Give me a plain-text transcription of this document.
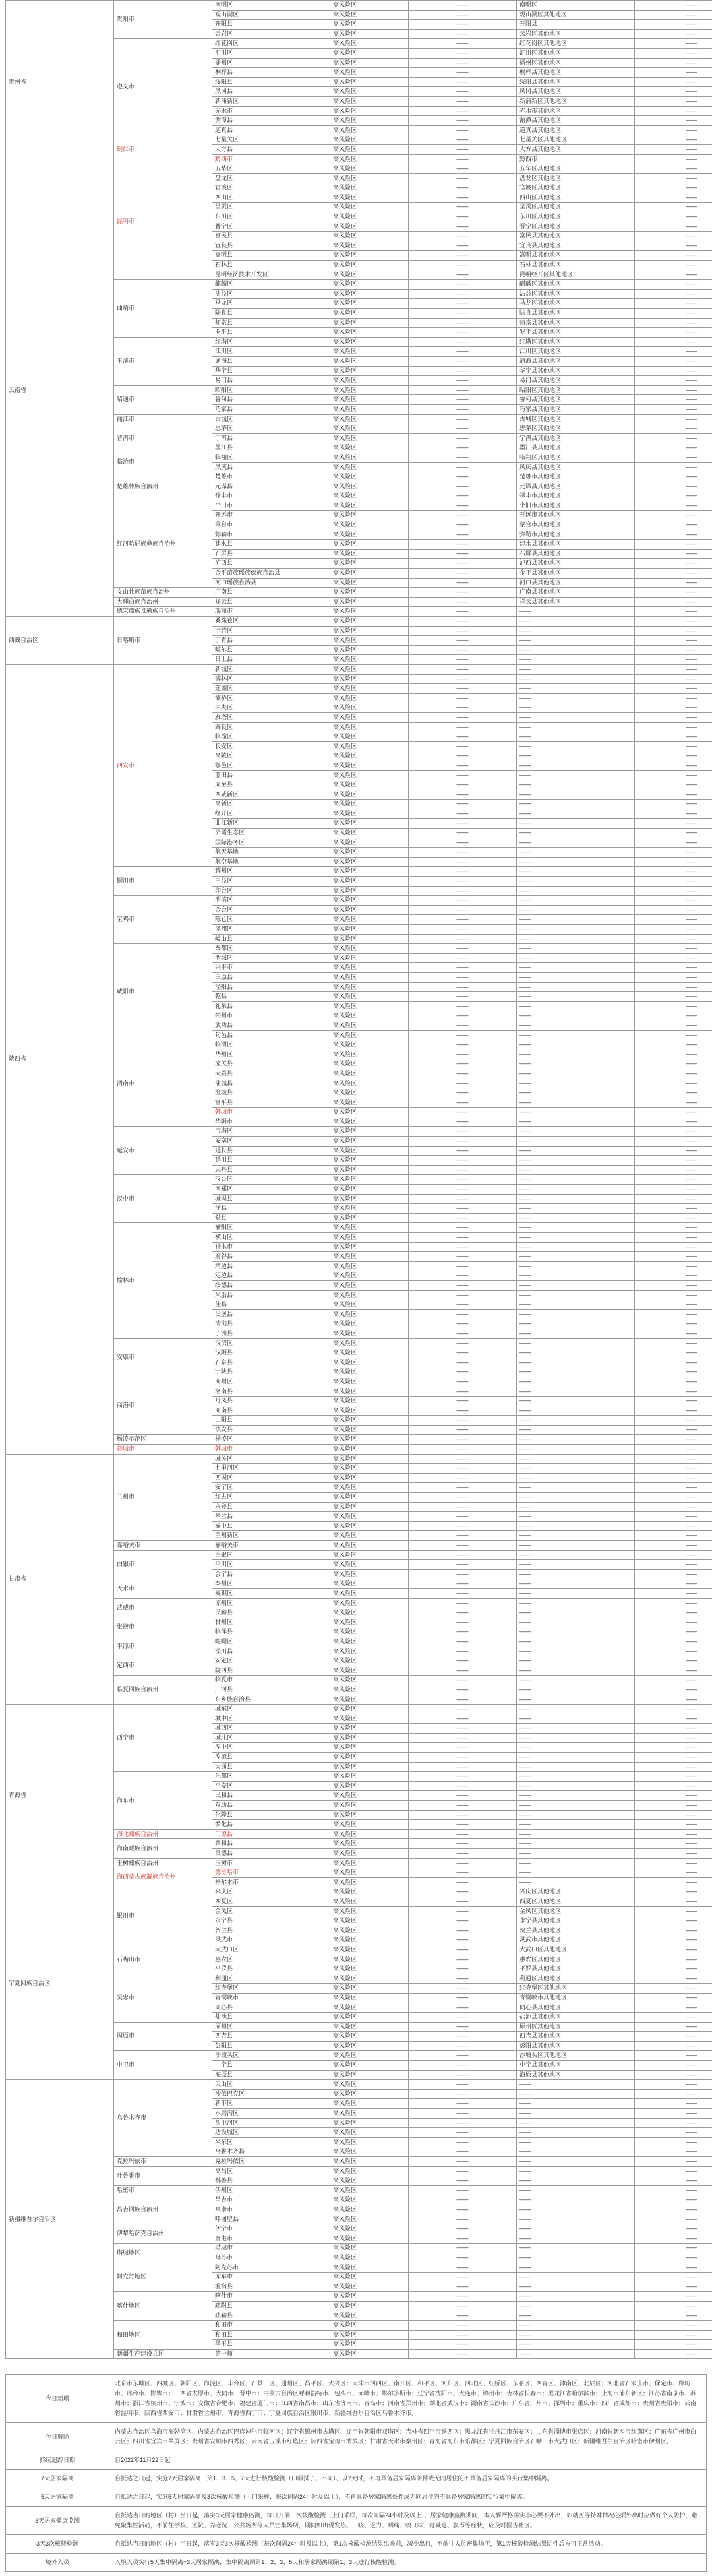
贵州省	贵阳市	南明区	高风险区	——	南明区	——
		观山湖区	高风险区	——	观山湖区其他地区	——
		开阳县	高风险区	——	开阳县	——
		云岩区	高风险区	——	云岩区其他地区	——
	遵义市	红花岗区	高风险区	——	红花岗区其他地区	——
		汇川区	高风险区	——	汇川区其他地区	——
		播州区	高风险区	——	播州区其他地区	——
		桐梓县	高风险区	——	桐梓县其他地区	——
		绥阳县	高风险区	——	绥阳县其他地区	——
		凤冈县	高风险区	——	凤冈县其他地区	——
		新蒲新区	高风险区	——	新蒲新区其他地区	——
		赤水市	高风险区	——	赤水市其他地区	——
		湄潭县	高风险区	——	湄潭县其他地区	——
		道真县	高风险区	——	道真县其他地区	——
	铜仁市	七星关区	高风险区	——	七星关区其他地区	——
		大方县	高风险区	——	大方县其他地区	——
		黔西市	高风险区	——	黔西市	——
云南省	昆明市	五华区	高风险区	——	五华区其他地区	——
		盘龙区	高风险区	——	盘龙区其他地区	——
		官渡区	高风险区	——	官渡区其他地区	——
		西山区	高风险区	——	西山区其他地区	——
		呈贡区	高风险区	——	呈贡区其他地区	——
		东川区	高风险区	——	东川区其他地区	——
		晋宁区	高风险区	——	晋宁区其他地区	——
		富民县	高风险区	——	富民县其他地区	——
		宜良县	高风险区	——	宜良县其他地区	——
		嵩明县	高风险区	——	嵩明县其他地区	——
		石林县	高风险区	——	石林县其他地区	——
		昆明经济技术开发区	高风险区	——	昆明经开区其他地区	——
	曲靖市	麒麟区	高风险区	——	麒麟区其他地区	——
		沾益区	高风险区	——	沾益区其他地区	——
		马龙区	高风险区	——	马龙区其他地区	——
		陆良县	高风险区	——	陆良县其他地区	——
		师宗县	高风险区	——	师宗县其他地区	——
		罗平县	高风险区	——	罗平县其他地区	——
	玉溪市	红塔区	高风险区	——	红塔区其他地区	——
		江川区	高风险区	——	江川区其他地区	——
		通海县	高风险区	——	通海县其他地区	——
		华宁县	高风险区	——	华宁县其他地区	——
		易门县	高风险区	——	易门县其他地区	——
	昭通市	昭阳区	高风险区	——	昭阳区其他地区	——
		鲁甸县	高风险区	——	鲁甸县其他地区	——
		巧家县	高风险区	——	巧家县其他地区	——
	丽江市	古城区	高风险区	——	古城区其他地区	——
	普洱市	思茅区	高风险区	——	思茅区其他地区	——
		宁洱县	高风险区	——	宁洱县其他地区	——
		墨江县	高风险区	——	墨江县其他地区	——
	临沧市	临翔区	高风险区	——	临翔区其他地区	——
		凤庆县	高风险区	——	凤庆县其他地区	——
	楚雄彝族自治州	楚雄市	高风险区	——	楚雄市其他地区	——
		元谋县	高风险区	——	元谋县其他地区	——
		禄丰市	高风险区	——	禄丰市其他地区	——
	红河哈尼族彝族自治州	个旧市	高风险区	——	个旧市其他地区	——
		开远市	高风险区	——	开远市其他地区	——
		蒙自市	高风险区	——	蒙自市其他地区	——
		弥勒市	高风险区	——	弥勒市其他地区	——
		建水县	高风险区	——	建水县其他地区	——
		石屏县	高风险区	——	石屏县其他地区	——
		泸西县	高风险区	——	泸西县其他地区	——
		金平苗族瑶族傣族自治县	高风险区	——	金平县其他地区	——
		河口瑶族自治县	高风险区	——	河口县其他地区	——
	文山壮族苗族自治州	广南县	高风险区	——	广南县其他地区	——
	大理白族自治州	祥云县	高风险区	——	祥云县其他地区	——
	德宏傣族景颇族自治州	瑞丽市	高风险区	——	——	——
西藏自治区	日喀则市	桑珠孜区	高风险区	——	——	——
		卡若区	高风险区	——	——	——
		丁青县	高风险区	——	——	——
		噶尔县	高风险区	——	——	——
		日土县	高风险区	——	——	——
陕西省	西安市	新城区	高风险区	——	——	——
		碑林区	高风险区	——	——	——
		莲湖区	高风险区	——	——	——
		灞桥区	高风险区	——	——	——
		未央区	高风险区	——	——	——
		雁塔区	高风险区	——	——	——
		阎良区	高风险区	——	——	——
		临潼区	高风险区	——	——	——
		长安区	高风险区	——	——	——
		高陵区	高风险区	——	——	——
		鄠邑区	高风险区	——	——	——
		蓝田县	高风险区	——	——	——
		周至县	高风险区	——	——	——
		西咸新区	高风险区	——	——	——
		高新区	高风险区	——	——	——
		经开区	高风险区	——	——	——
		曲江新区	高风险区	——	——	——
		浐灞生态区	高风险区	——	——	——
		国际港务区	高风险区	——	——	——
		航天基地	高风险区	——	——	——
		航空基地	高风险区	——	——	——
	铜川市	耀州区	高风险区	——	——	——
		王益区	高风险区	——	——	——
		印台区	高风险区	——	——	——
	宝鸡市	渭滨区	高风险区	——	——	——
		金台区	高风险区	——	——	——
		陈仓区	高风险区	——	——	——
		凤翔区	高风险区	——	——	——
		岐山县	高风险区	——	——	——
	咸阳市	秦都区	高风险区	——	——	——
		渭城区	高风险区	——	——	——
		兴平市	高风险区	——	——	——
		三原县	高风险区	——	——	——
		泾阳县	高风险区	——	——	——
		乾县	高风险区	——	——	——
		礼泉县	高风险区	——	——	——
		彬州市	高风险区	——	——	——
		武功县	高风险区	——	——	——
		旬邑县	高风险区	——	——	——
	渭南市	临渭区	高风险区	——	——	——
		华州区	高风险区	——	——	——
		潼关县	高风险区	——	——	——
		大荔县	高风险区	——	——	——
		蒲城县	高风险区	——	——	——
		澄城县	高风险区	——	——	——
		富平县	高风险区	——	——	——
		韩城市	高风险区	——	——	——
		华阴市	高风险区	——	——	——
	延安市	宝塔区	高风险区	——	——	——
		安塞区	高风险区	——	——	——
		延长县	高风险区	——	——	——
		延川县	高风险区	——	——	——
		志丹县	高风险区	——	——	——
	汉中市	汉台区	高风险区	——	——	——
		南郑区	高风险区	——	——	——
		城固县	高风险区	——	——	——
		洋县	高风险区	——	——	——
		勉县	高风险区	——	——	——
	榆林市	榆阳区	高风险区	——	——	——
		横山区	高风险区	——	——	——
		神木市	高风险区	——	——	——
		府谷县	高风险区	——	——	——
		靖边县	高风险区	——	——	——
		定边县	高风险区	——	——	——
		绥德县	高风险区	——	——	——
		米脂县	高风险区	——	——	——
		佳县	高风险区	——	——	——
		吴堡县	高风险区	——	——	——
		清涧县	高风险区	——	——	——
		子洲县	高风险区	——	——	——
	安康市	汉滨区	高风险区	——	——	——
		汉阴县	高风险区	——	——	——
		石泉县	高风险区	——	——	——
		宁陕县	高风险区	——	——	——
	商洛市	商州区	高风险区	——	——	——
		洛南县	高风险区	——	——	——
		丹凤县	高风险区	——	——	——
		商南县	高风险区	——	——	——
		山阳县	高风险区	——	——	——
		镇安县	高风险区	——	——	——
	杨凌示范区	杨凌区	高风险区	——	——	——
	韩城市	韩城市	高风险区	——	——	——
甘肃省	兰州市	城关区	高风险区	——	——	——
		七里河区	高风险区	——	——	——
		西固区	高风险区	——	——	——
		安宁区	高风险区	——	——	——
		红古区	高风险区	——	——	——
		永登县	高风险区	——	——	——
		皋兰县	高风险区	——	——	——
		榆中县	高风险区	——	——	——
		兰州新区	高风险区	——	——	——
	嘉峪关市	嘉峪关市	高风险区	——	——	——
	白银市	白银区	高风险区	——	——	——
		平川区	高风险区	——	——	——
		会宁县	高风险区	——	——	——
	天水市	秦州区	高风险区	——	——	——
		麦积区	高风险区	——	——	——
	武威市	凉州区	高风险区	——	——	——
		民勤县	高风险区	——	——	——
	张掖市	甘州区	高风险区	——	——	——
		临泽县	高风险区	——	——	——
	平凉市	崆峒区	高风险区	——	——	——
		泾川县	高风险区	——	——	——
	定西市	安定区	高风险区	——	——	——
		陇西县	高风险区	——	——	——
	临夏回族自治州	临夏市	高风险区	——	——	——
		广河县	高风险区	——	——	——
		东乡族自治县	高风险区	——	——	——
青海省	西宁市	城东区	高风险区	——	——	——
		城中区	高风险区	——	——	——
		城西区	高风险区	——	——	——
		城北区	高风险区	——	——	——
		湟中区	高风险区	——	——	——
		湟源县	高风险区	——	——	——
		大通县	高风险区	——	——	——
	海东市	乐都区	高风险区	——	——	——
		平安区	高风险区	——	——	——
		民和县	高风险区	——	——	——
		互助县	高风险区	——	——	——
		化隆县	高风险区	——	——	——
		循化县	高风险区	——	——	——
	海北藏族自治州	门源县	高风险区	——	——	——
	海南藏族自治州	共和县	高风险区	——	——	——
		贵德县	高风险区	——	——	——
	玉树藏族自治州	玉树市	高风险区	——	——	——
	海西蒙古族藏族自治州	德令哈市	高风险区	——	——	——
		格尔木市	高风险区	——	——	——
宁夏回族自治区	银川市	兴庆区	高风险区	——	兴庆区其他地区	——
		西夏区	高风险区	——	西夏区其他地区	——
		金凤区	高风险区	——	金凤区其他地区	——
		永宁县	高风险区	——	永宁县其他地区	——
		贺兰县	高风险区	——	贺兰县其他地区	——
		灵武市	高风险区	——	灵武市其他地区	——
	石嘴山市	大武口区	高风险区	——	大武口区其他地区	——
		惠农区	高风险区	——	惠农区其他地区	——
		平罗县	高风险区	——	平罗县其他地区	——
	吴忠市	利通区	高风险区	——	利通区其他地区	——
		红寺堡区	高风险区	——	红寺堡区其他地区	——
		青铜峡市	高风险区	——	青铜峡市其他地区	——
		同心县	高风险区	——	同心县其他地区	——
		盐池县	高风险区	——	盐池县其他地区	——
	固原市	原州区	高风险区	——	原州区其他地区	——
		西吉县	高风险区	——	西吉县其他地区	——
		彭阳县	高风险区	——	彭阳县其他地区	——
	中卫市	沙坡头区	高风险区	——	沙坡头区其他地区	——
		中宁县	高风险区	——	中宁县其他地区	——
		海原县	高风险区	——	海原县其他地区	——
新疆维吾尔自治区	乌鲁木齐市	天山区	高风险区	——	——	——
		沙依巴克区	高风险区	——	——	——
		新市区	高风险区	——	——	——
		水磨沟区	高风险区	——	——	——
		头屯河区	高风险区	——	——	——
		达坂城区	高风险区	——	——	——
		米东区	高风险区	——	——	——
		乌鲁木齐县	高风险区	——	——	——
	克拉玛依市	克拉玛依区	高风险区	——	——	——
	吐鲁番市	高昌区	高风险区	——	——	——
		鄯善县	高风险区	——	——	——
	哈密市	伊州区	高风险区	——	——	——
	昌吉回族自治州	昌吉市	高风险区	——	——	——
		阜康市	高风险区	——	——	——
		呼图壁县	高风险区	——	——	——
	伊犁哈萨克自治州	伊宁市	高风险区	——	——	——
		奎屯市	高风险区	——	——	——
	塔城地区	塔城市	高风险区	——	——	——
		乌苏市	高风险区	——	——	——
	阿克苏地区	阿克苏市	高风险区	——	——	——
		库车市	高风险区	——	——	——
		温宿县	高风险区	——	——	——
	喀什地区	喀什市	高风险区	——	——	——
		疏附县	高风险区	——	——	——
		疏勒县	高风险区	——	——	——
	和田地区	和田市	高风险区	——	——	——
		和田县	高风险区	——	——	——
		墨玉县	高风险区	——	——	——
	新疆生产建设兵团	第一师	高风险区	——	——	——
今日新增	北京市东城区、西城区、朝阳区、海淀区、丰台区、石景山区、通州区、昌平区、大兴区；天津市河西区、南开区、和平区、河东区、河北区、红桥区、东丽区、西青区、津南区、北辰区；河北省石家庄市、保定市、廊坊市、邢台市、邯郸市；山西省太原市、大同市、晋中市；内蒙古自治区呼和浩特市、包头市、赤峰市、鄂尔多斯市；辽宁省沈阳市、大连市、锦州市；吉林省长春市；黑龙江省哈尔滨市；上海市浦东新区；江苏省南京市、苏州市；浙江省杭州市、宁波市；安徽省合肥市；福建省厦门市；江西省南昌市；山东省济南市、青岛市；河南省郑州市；湖北省武汉市；湖南省长沙市；广东省广州市、深圳市；重庆市；四川省成都市；贵州省贵阳市；云南省昆明市；陕西省西安市；甘肃省兰州市；青海省西宁市；宁夏回族自治区银川市；新疆维吾尔自治区乌鲁木齐市。
今日解除	内蒙古自治区乌海市海勃湾区、内蒙古自治区巴彦淖尔市临河区；辽宁省锦州市古塔区、辽宁省朝阳市双塔区；吉林省四平市铁西区；黑龙江省牡丹江市东安区；山东省淄博市张店区；河南省新乡市红旗区；广东省广州市白云区；四川省宜宾市翠屏区；贵州省安顺市西秀区；云南省玉溪市红塔区；陕西省宝鸡市渭滨区；甘肃省天水市秦州区；青海省海东市乐都区；宁夏回族自治区石嘴山市大武口区；新疆维吾尔自治区哈密市伊州区。
持续追踪日期	自2022年11月22日起
7天居家隔离	自抵达之日起，实施7天居家隔离，第1、3、5、7天进行核酸检测（口咽拭子、不同）、以7天时，不再具备居家隔离条件或无同居住的不具备居家隔离的实行集中隔离。
5天居家隔离	自抵达之日起，实施5天居家隔离及3次核酸检测（上门采样，每次间隔24小时及以上），不再具备居家隔离条件或无同居住的不具备居家隔离的实行集中隔离。
3天居家健康监测	自抵达当日的地区（村）当日起，落实3天居家健康监测，每日开展一次核酸检测（上门采样，每次间隔24小时及以上），居家健康监测期间，本人要严格落实非必要不外出，如就医等特殊情况必须外出时应做好个人防护，避免聚集性活动，不前往学校、医院、养老院、公共场所等人员密集场所，期间如出现发热、干咳、乏力、咽痛、嗅（味）觉减退、腹泻等症状，应及时报告社区。
3天3次核酸检测	自抵达当日的地区（村）当日起，落实3天3次核酸检测（每次间隔24小时及以上），第1次核酸检测结果出来前，减少出行，不前往人员密集场所，第1天核酸检测结果阴性后方可正常活动。
境外入员	入境人员实行5天集中隔离+3天居家隔离，集中隔离期第1、2、3、5天和居家隔离期第1、3天进行核酸检测。
